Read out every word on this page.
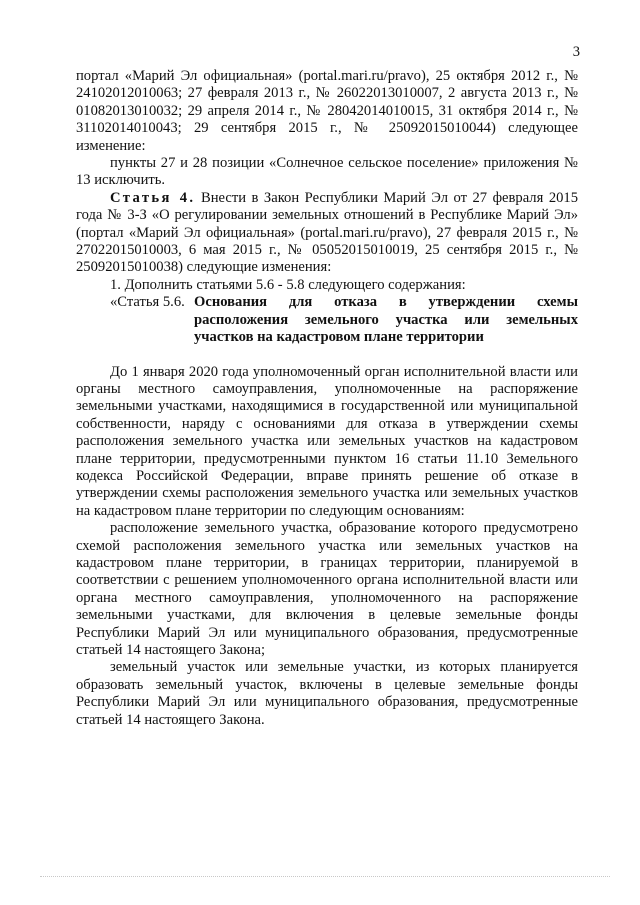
3

портал «Марий Эл официальная» (portal.mari.ru/pravo), 25 октября 2012 г., № 24102012010063; 27 февраля 2013 г., № 26022013010007, 2 августа 2013 г., № 01082013010032; 29 апреля 2014 г., № 28042014010015, 31 октября 2014 г., № 31102014010043; 29 сентября 2015 г., № 25092015010044) следующее изменение:

пункты 27 и 28 позиции «Солнечное сельское поселение» приложения № 13 исключить.

Статья 4. Внести в Закон Республики Марий Эл от 27 февраля 2015 года № 3-З «О регулировании земельных отношений в Республике Марий Эл» (портал «Марий Эл официальная» (portal.mari.ru/pravo), 27 февраля 2015 г., № 27022015010003, 6 мая 2015 г., № 05052015010019, 25 сентября 2015 г., № 25092015010038) следующие изменения:

1. Дополнить статьями 5.6 - 5.8 следующего содержания:

«Статья 5.6. Основания для отказа в утверждении схемы расположения земельного участка или земельных участков на кадастровом плане территории

До 1 января 2020 года уполномоченный орган исполнительной власти или органы местного самоуправления, уполномоченные на распоряжение земельными участками, находящимися в государственной или муниципальной собственности, наряду с основаниями для отказа в утверждении схемы расположения земельного участка или земельных участков на кадастровом плане территории, предусмотренными пунктом 16 статьи 11.10 Земельного кодекса Российской Федерации, вправе принять решение об отказе в утверждении схемы расположения земельного участка или земельных участков на кадастровом плане территории по следующим основаниям:

расположение земельного участка, образование которого предусмотрено схемой расположения земельного участка или земельных участков на кадастровом плане территории, в границах территории, планируемой в соответствии с решением уполномоченного органа исполнительной власти или органа местного самоуправления, уполномоченного на распоряжение земельными участками, для включения в целевые земельные фонды Республики Марий Эл или муниципального образования, предусмотренные статьей 14 настоящего Закона;

земельный участок или земельные участки, из которых планируется образовать земельный участок, включены в целевые земельные фонды Республики Марий Эл или муниципального образования, предусмотренные статьей 14 настоящего Закона.
